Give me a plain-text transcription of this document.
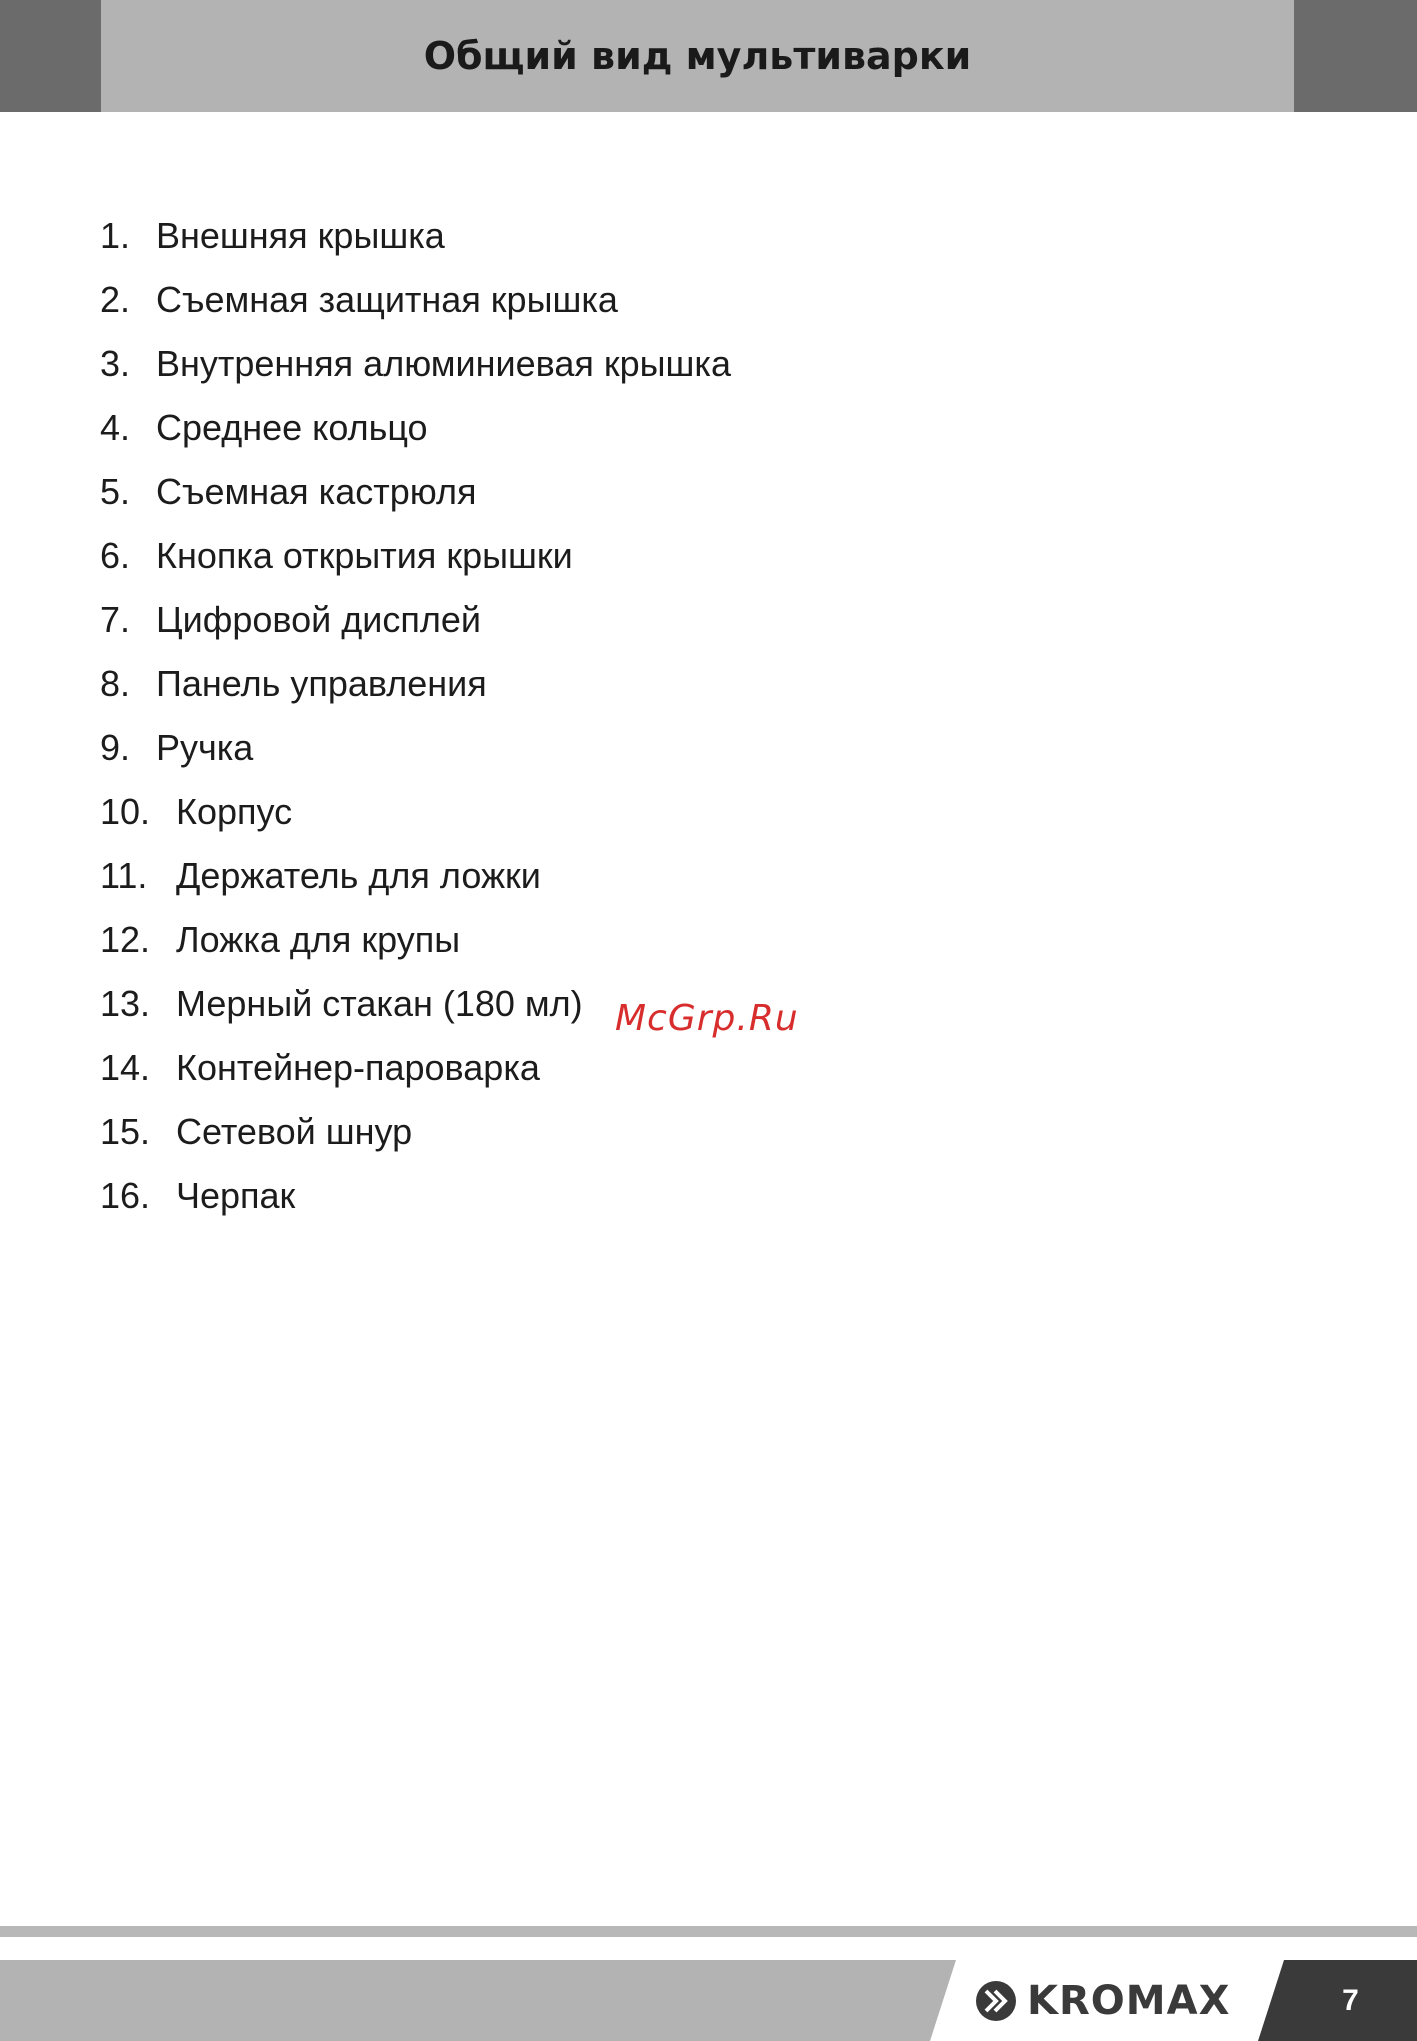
Общий вид мультиварки
1. Внешняя крышка
2. Съемная защитная крышка
3. Внутренняя алюминиевая крышка
4. Среднее кольцо
5. Съемная кастрюля
6. Кнопка открытия крышки
7. Цифровой дисплей
8. Панель управления
9. Ручка
10. Корпус
11. Держатель для ложки
12. Ложка для крупы
13. Мерный стакан (180 мл)
14. Контейнер-пароварка
15. Сетевой шнур
16. Черпак
McGrp.Ru
KROMAX	7
